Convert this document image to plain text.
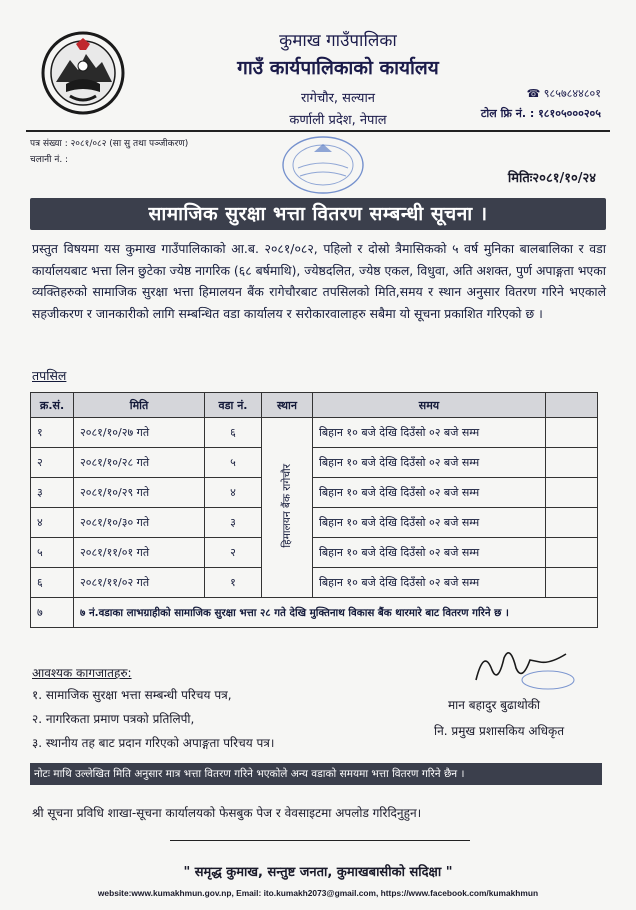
कुमाख गाउँपालिका
गाउँ कार्यपालिकाको कार्यालय
रागेचौर, सल्यान
कर्णाली प्रदेश, नेपाल
☎ ९८५७८४४८०१
टोल फ्रि नं. : १८१०५०००२०५
पत्र संख्या : २०८१/०८२ (सा सु तथा पञ्जीकरण)
चलानी नं. :
मितिः२०८१/१०/२४
सामाजिक सुरक्षा भत्ता वितरण सम्बन्धी सूचना ।
प्रस्तुत विषयमा यस कुमाख गाउँपालिकाको आ.ब. २०८१/०८२, पहिलो र दोस्रो त्रैमासिकको ५ वर्ष मुनिका बालबालिका र वडा कार्यालयबाट भत्ता लिन छुटेका ज्येष्ठ नागरिक (६८ बर्षमाथि), ज्येष्ठदलित, ज्येष्ठ एकल, विधुवा, अति अशक्त, पुर्ण अपाङ्गता भएका व्यक्तिहरुको सामाजिक सुरक्षा भत्ता हिमालयन बैंक रागेचौरबाट तपसिलको मिति,समय र स्थान अनुसार वितरण गरिने भएकाले सहजीकरण र जानकारीको लागि सम्बन्धित वडा कार्यालय र सरोकारवालाहरु सबैमा यो सूचना प्रकाशित गरिएको छ ।
तपसिल
क्र.सं.	मिति	वडा नं.	स्थान	समय	
१	२०८१/१०/२७ गते	६	हिमालयन बैंक रागेचौर	बिहान १० बजे देखि दिउँसो ०२ बजे सम्म	
२	२०८१/१०/२८ गते	५		बिहान १० बजे देखि दिउँसो ०२ बजे सम्म	
३	२०८१/१०/२९ गते	४		बिहान १० बजे देखि दिउँसो ०२ बजे सम्म	
४	२०८१/१०/३० गते	३		बिहान १० बजे देखि दिउँसो ०२ बजे सम्म	
५	२०८१/११/०१ गते	२		बिहान १० बजे देखि दिउँसो ०२ बजे सम्म	
६	२०८१/११/०२ गते	१		बिहान १० बजे देखि दिउँसो ०२ बजे सम्म	
७	७ नं.वडाका लाभग्राहीको सामाजिक सुरक्षा भत्ता २८ गते देखि मुक्तिनाथ विकास बैंक थारमारे बाट वितरण गरिने छ ।				
आवश्यक कागजातहरु:
१. सामाजिक सुरक्षा भत्ता सम्बन्धी परिचय पत्र,
२. नागरिकता प्रमाण पत्रको प्रतिलिपी,
३. स्थानीय तह बाट प्रदान गरिएको अपाङ्गता परिचय पत्र।
मान बहादुर बुढाथोकी
नि. प्रमुख प्रशासकिय अधिकृत
नोटः माथि उल्लेखित मिति अनुसार मात्र भत्ता वितरण गरिने भएकोले अन्य वडाको समयमा भत्ता वितरण गरिने छैन ।
श्री सूचना प्रविधि शाखा-सूचना कार्यालयको फेसबुक पेज र वेवसाइटमा अपलोड गरिदिनुहुन।
" समृद्ध कुमाख, सन्तुष्ट जनता, कुमाखबासीको सदिक्षा "
website:www.kumakhmun.gov.np, Email: ito.kumakh2073@gmail.com, https://www.facebook.com/kumakhmun
